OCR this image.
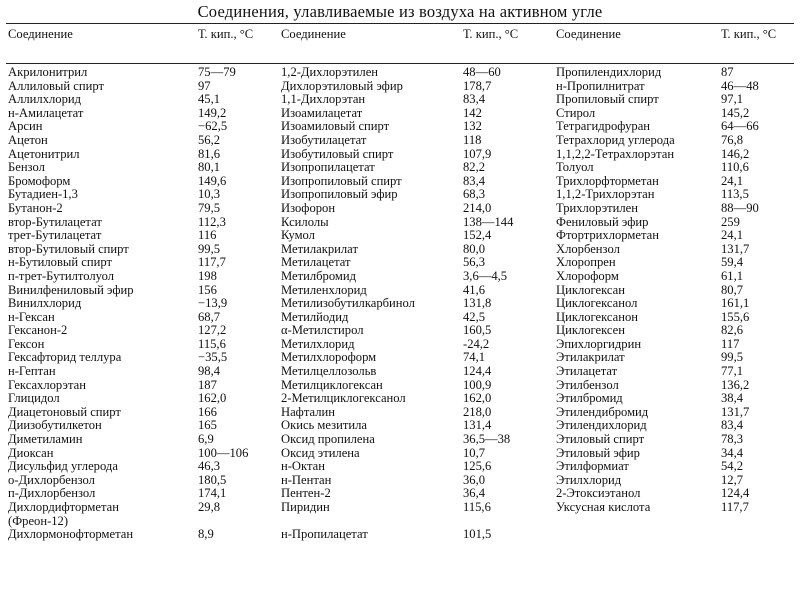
Соединения, улавливаемые из воздуха на активном угле
Соединение	Т. кип., °С	Соединение	Т. кип., °С	Соединение	Т. кип., °С
Акрилонитрил	75—79	1,2-Дихлорэтилен	48—60	Пропилендихлорид	87
Аллиловый спирт	97	Дихлорэтиловый эфир	178,7	н-Пропилнитрат	46—48
Аллилхлорид	45,1	1,1-Дихлорэтан	83,4	Пропиловый спирт	97,1
н-Амилацетат	149,2	Изоамилацетат	142	Стирол	145,2
Арсин	−62,5	Изоамиловый спирт	132	Тетрагидрофуран	64—66
Ацетон	56,2	Изобутилацетат	118	Тетрахлорид углерода	76,8
Ацетонитрил	81,6	Изобутиловый спирт	107,9	1,1,2,2-Тетрахлорэтан	146,2
Бензол	80,1	Изопропилацетат	82,2	Толуол	110,6
Бромоформ	149,6	Изопропиловый спирт	83,4	Трихлорфторметан	24,1
Бутадиен-1,3	10,3	Изопропиловый эфир	68,3	1,1,2-Трихлорэтан	113,5
Бутанон-2	79,5	Изофорон	214,0	Трихлорэтилен	88—90
втор-Бутилацетат	112,3	Ксилолы	138—144	Фениловый эфир	259
трет-Бутилацетат	116	Кумол	152,4	Фтортрихлорметан	24,1
втор-Бутиловый спирт	99,5	Метилакрилат	80,0	Хлорбензол	131,7
н-Бутиловый спирт	117,7	Метилацетат	56,3	Хлоропрен	59,4
п-трет-Бутилтолуол	198	Метилбромид	3,6—4,5	Хлороформ	61,1
Винилфениловый эфир	156	Метиленхлорид	41,6	Циклогексан	80,7
Винилхлорид	−13,9	Метилизобутилкарбинол	131,8	Циклогексанол	161,1
н-Гексан	68,7	Метилйодид	42,5	Циклогексанон	155,6
Гексанон-2	127,2	α-Метилстирол	160,5	Циклогексен	82,6
Гексон	115,6	Метилхлорид	-24,2	Эпихлоргидрин	117
Гексафторид теллура	−35,5	Метилхлороформ	74,1	Этилакрилат	99,5
н-Гептан	98,4	Метилцеллозольв	124,4	Этилацетат	77,1
Гексахлорэтан	187	Метилциклогексан	100,9	Этилбензол	136,2
Глицидол	162,0	2-Метилциклогексанол	162,0	Этилбромид	38,4
Диацетоновый спирт	166	Нафталин	218,0	Этилендибромид	131,7
Диизобутилкетон	165	Окись мезитила	131,4	Этилендихлорид	83,4
Диметиламин	6,9	Оксид пропилена	36,5—38	Этиловый спирт	78,3
Диоксан	100—106	Оксид этилена	10,7	Этиловый эфир	34,4
Дисульфид углерода	46,3	н-Октан	125,6	Этилформиат	54,2
о-Дихлорбензол	180,5	н-Пентан	36,0	Этилхлорид	12,7
п-Дихлорбензол	174,1	Пентен-2	36,4	2-Этоксиэтанол	124,4
Дихлордифторметан	29,8	Пиридин	115,6	Уксусная кислота	117,7
(Фреон-12)					
Дихлормонофторметан	8,9	н-Пропилацетат	101,5		
